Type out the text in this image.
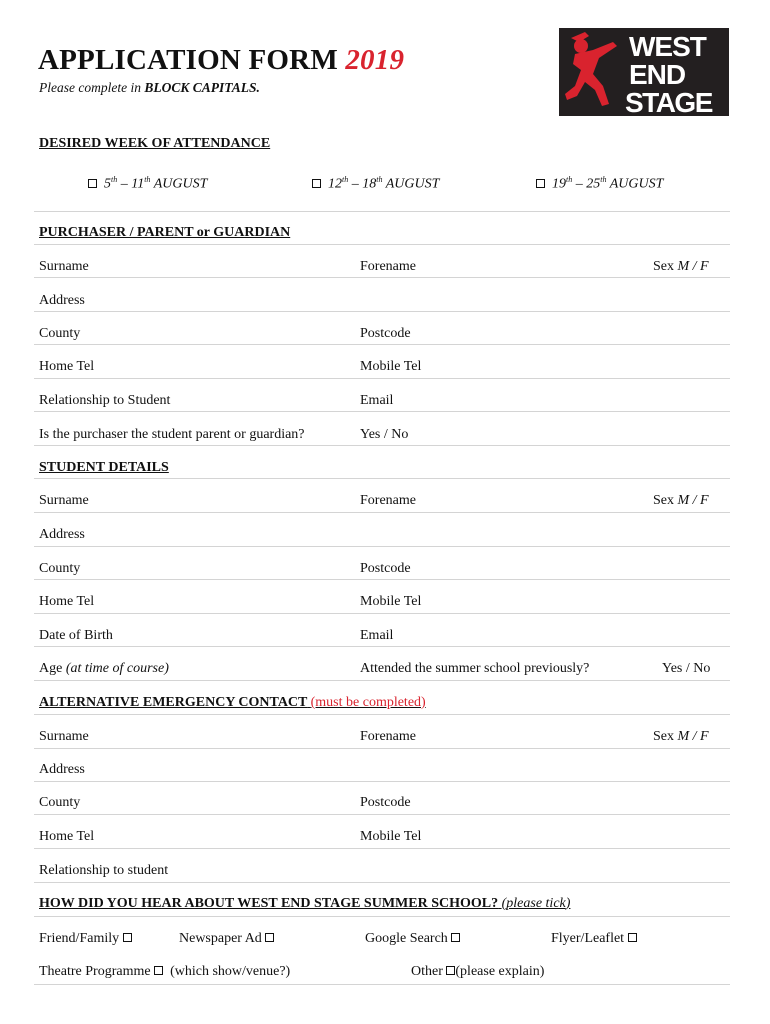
APPLICATION FORM 2019
Please complete in BLOCK CAPITALS.
WEST
END
STAGE
DESIRED WEEK OF ATTENDANCE
5th – 11th AUGUST	12th – 18th AUGUST	19th – 25th AUGUST
PURCHASER / PARENT or GUARDIAN
Surname	Forename	Sex M / F
Address
County	Postcode
Home Tel	Mobile Tel
Relationship to Student	Email
Is the purchaser the student parent or guardian?	Yes / No
STUDENT DETAILS
Surname	Forename	Sex M / F
Address
County	Postcode
Home Tel	Mobile Tel
Date of Birth	Email
Age (at time of course)	Attended the summer school previously?	Yes / No
ALTERNATIVE EMERGENCY CONTACT (must be completed)
Surname	Forename	Sex M / F
Address
County	Postcode
Home Tel	Mobile Tel
Relationship to student
HOW DID YOU HEAR ABOUT WEST END STAGE SUMMER SCHOOL? (please tick)
Friend/Family	Newspaper Ad	Google Search	Flyer/Leaflet
Theatre Programme (which show/venue?)	Other (please explain)
